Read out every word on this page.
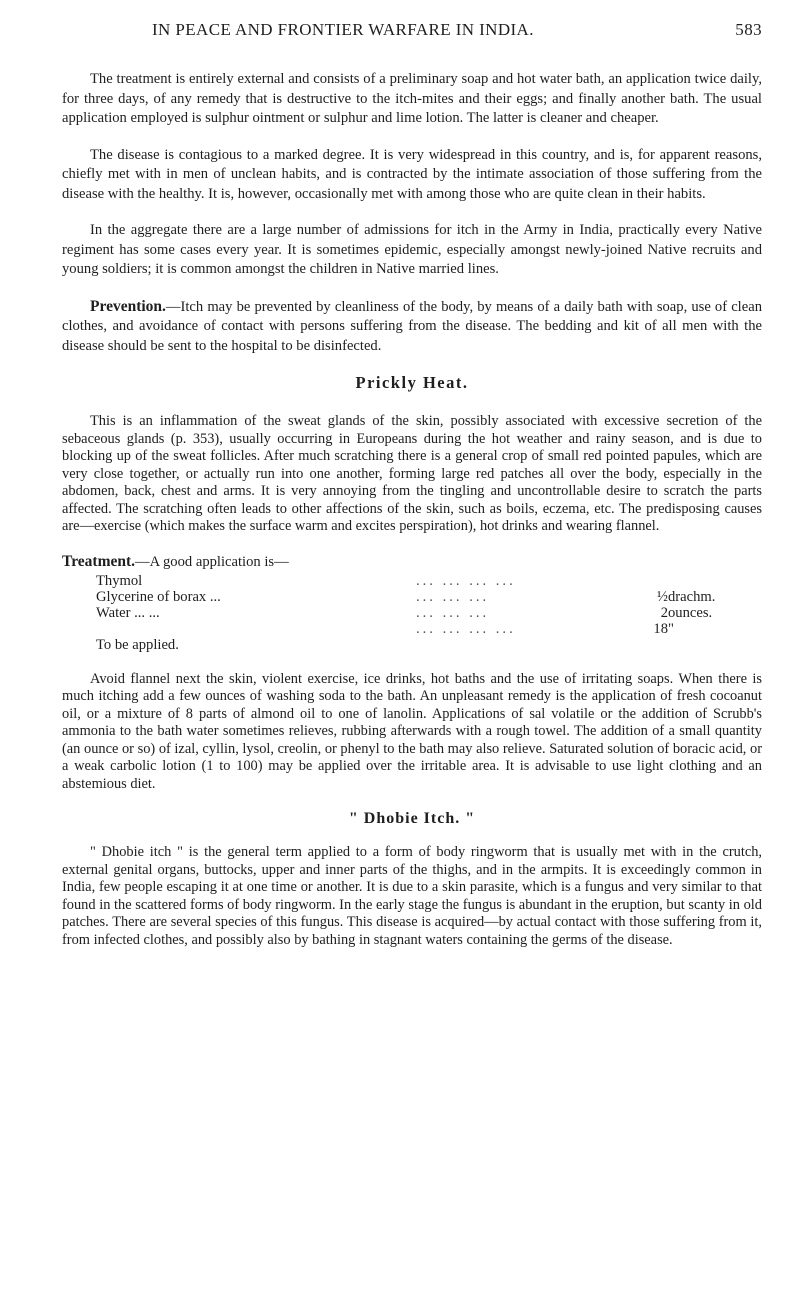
IN PEACE AND FRONTIER WARFARE IN INDIA.	583

The treatment is entirely external and consists of a preliminary soap and hot water bath, an application twice daily, for three days, of any remedy that is destructive to the itch-mites and their eggs; and finally another bath. The usual application employed is sulphur ointment or sulphur and lime lotion. The latter is cleaner and cheaper.

The disease is contagious to a marked degree. It is very widespread in this country, and is, for apparent reasons, chiefly met with in men of unclean habits, and is contracted by the intimate association of those suffering from the disease with the healthy. It is, however, occasionally met with among those who are quite clean in their habits.

In the aggregate there are a large number of admissions for itch in the Army in India, practically every Native regiment has some cases every year. It is sometimes epidemic, especially amongst newly-joined Native recruits and young soldiers; it is common amongst the children in Native married lines.

Prevention.—Itch may be prevented by cleanliness of the body, by means of a daily bath with soap, use of clean clothes, and avoidance of contact with persons suffering from the disease. The bedding and kit of all men with the disease should be sent to the hospital to be disinfected.

Prickly Heat.

This is an inflammation of the sweat glands of the skin, possibly associated with excessive secretion of the sebaceous glands (p. 353), usually occurring in Europeans during the hot weather and rainy season, and is due to blocking up of the sweat follicles. After much scratching there is a general crop of small red pointed papules, which are very close together, or actually run into one another, forming large red patches all over the body, especially in the abdomen, back, chest and arms. It is very annoying from the tingling and uncontrollable desire to scratch the parts affected. The scratching often leads to other affections of the skin, such as boils, eczema, etc. The predisposing causes are—exercise (which makes the surface warm and excites perspiration), hot drinks and wearing flannel.

Treatment.—A good application is—
Thymol	... ... ... ...		
Glycerine of borax ...	... ... ...	½	drachm.
Water ... ...	... ... ...	2	ounces.
	... ... ... ...	18	"
To be applied.

Avoid flannel next the skin, violent exercise, ice drinks, hot baths and the use of irritating soaps. When there is much itching add a few ounces of washing soda to the bath. An unpleasant remedy is the application of fresh cocoanut oil, or a mixture of 8 parts of almond oil to one of lanolin. Applications of sal volatile or the addition of Scrubb's ammonia to the bath water sometimes relieves, rubbing afterwards with a rough towel. The addition of a small quantity (an ounce or so) of izal, cyllin, lysol, creolin, or phenyl to the bath may also relieve. Saturated solution of boracic acid, or a weak carbolic lotion (1 to 100) may be applied over the irritable area. It is advisable to use light clothing and an abstemious diet.

" Dhobie Itch. "

" Dhobie itch " is the general term applied to a form of body ringworm that is usually met with in the crutch, external genital organs, buttocks, upper and inner parts of the thighs, and in the armpits. It is exceedingly common in India, few people escaping it at one time or another. It is due to a skin parasite, which is a fungus and very similar to that found in the scattered forms of body ringworm. In the early stage the fungus is abundant in the eruption, but scanty in old patches. There are several species of this fungus. This disease is acquired—by actual contact with those suffering from it, from infected clothes, and possibly also by bathing in stagnant waters containing the germs of the disease.
